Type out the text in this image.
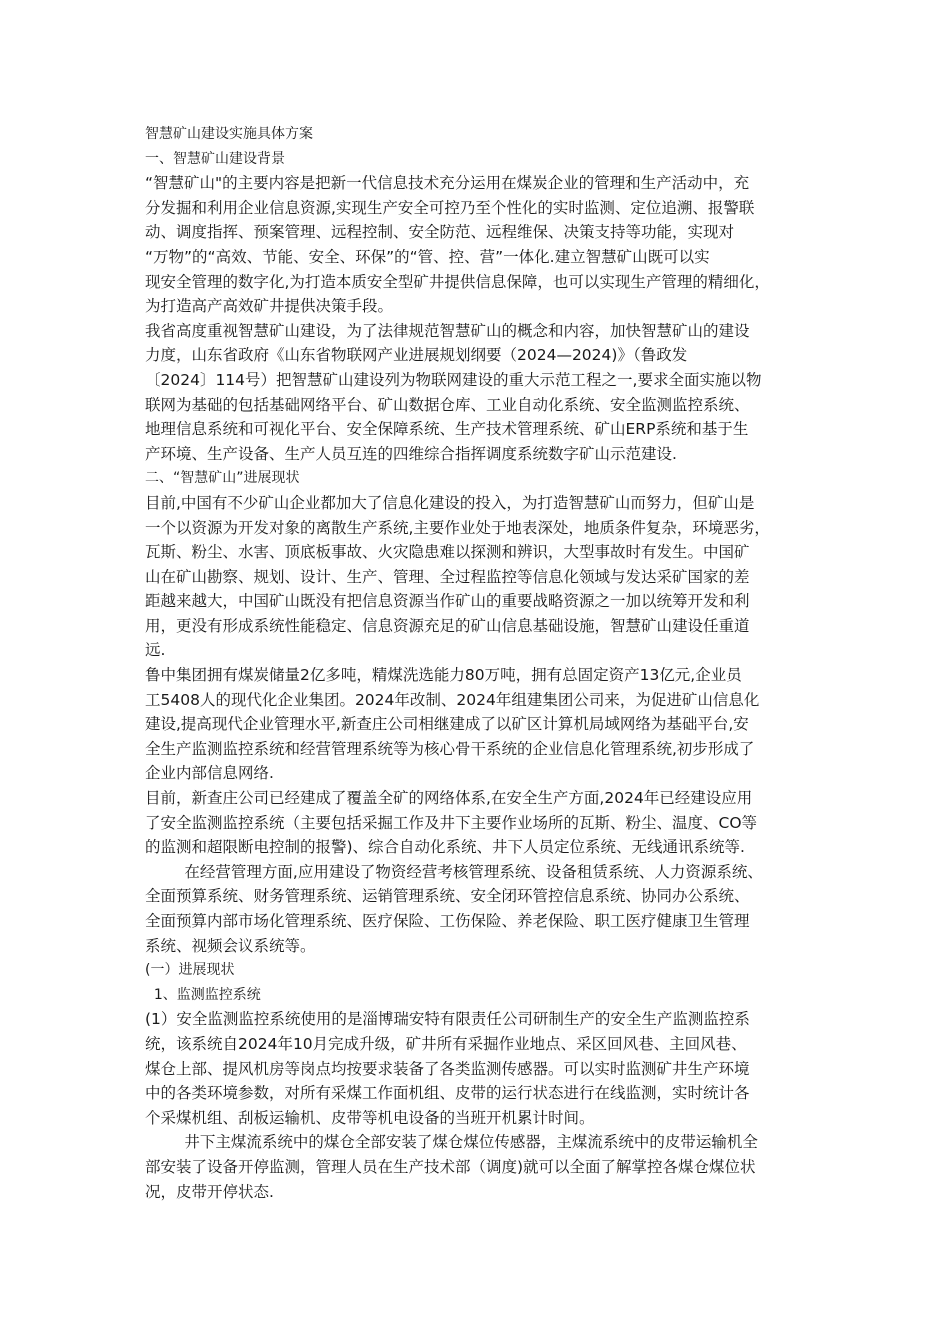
智慧矿山建设实施具体方案
一、智慧矿山建设背景
“智慧矿山"的主要内容是把新一代信息技术充分运用在煤炭企业的管理和生产活动中，充
分发掘和利用企业信息资源,实现生产安全可控乃至个性化的实时监测、定位追溯、报警联
动、调度指挥、预案管理、远程控制、安全防范、远程维保、决策支持等功能，实现对
“万物”的“高效、节能、安全、环保”的“管、控、营”一体化.建立智慧矿山既可以实
现安全管理的数字化,为打造本质安全型矿井提供信息保障，也可以实现生产管理的精细化，
为打造高产高效矿井提供决策手段。
我省高度重视智慧矿山建设，为了法律规范智慧矿山的概念和内容，加快智慧矿山的建设
力度，山东省政府《山东省物联网产业进展规划纲要（2024—2024)》（鲁政发
〔2024〕114号）把智慧矿山建设列为物联网建设的重大示范工程之一,要求全面实施以物
联网为基础的包括基础网络平台、矿山数据仓库、工业自动化系统、安全监测监控系统、
地理信息系统和可视化平台、安全保障系统、生产技术管理系统、矿山ERP系统和基于生
产环境、生产设备、生产人员互连的四维综合指挥调度系统数字矿山示范建设.
二、“智慧矿山”进展现状
目前,中国有不少矿山企业都加大了信息化建设的投入，为打造智慧矿山而努力，但矿山是
一个以资源为开发对象的离散生产系统,主要作业处于地表深处，地质条件复杂，环境恶劣，
瓦斯、粉尘、水害、顶底板事故、火灾隐患难以探测和辨识，大型事故时有发生。中国矿
山在矿山勘察、规划、设计、生产、管理、全过程监控等信息化领域与发达采矿国家的差
距越来越大，中国矿山既没有把信息资源当作矿山的重要战略资源之一加以统筹开发和利
用，更没有形成系统性能稳定、信息资源充足的矿山信息基础设施，智慧矿山建设任重道
远.
鲁中集团拥有煤炭储量2亿多吨，精煤洗选能力80万吨，拥有总固定资产13亿元,企业员
工5408人的现代化企业集团。2024年改制、2024年组建集团公司来，为促进矿山信息化
建设,提高现代企业管理水平,新查庄公司相继建成了以矿区计算机局域网络为基础平台,安
全生产监测监控系统和经营管理系统等为核心骨干系统的企业信息化管理系统,初步形成了
企业内部信息网络.
目前，新查庄公司已经建成了覆盖全矿的网络体系,在安全生产方面,2024年已经建设应用
了安全监测监控系统（主要包括采掘工作及井下主要作业场所的瓦斯、粉尘、温度、CO等
的监测和超限断电控制的报警)、综合自动化系统、井下人员定位系统、无线通讯系统等.
在经营管理方面,应用建设了物资经营考核管理系统、设备租赁系统、人力资源系统、
全面预算系统、财务管理系统、运销管理系统、安全闭环管控信息系统、协同办公系统、
全面预算内部市场化管理系统、医疗保险、工伤保险、养老保险、职工医疗健康卫生管理
系统、视频会议系统等。
(一）进展现状
1、监测监控系统
(1）安全监测监控系统使用的是淄博瑞安特有限责任公司研制生产的安全生产监测监控系
统，该系统自2024年10月完成升级，矿井所有采掘作业地点、采区回风巷、主回风巷、
煤仓上部、提风机房等岗点均按要求装备了各类监测传感器。可以实时监测矿井生产环境
中的各类环境参数，对所有采煤工作面机组、皮带的运行状态进行在线监测，实时统计各
个采煤机组、刮板运输机、皮带等机电设备的当班开机累计时间。
井下主煤流系统中的煤仓全部安装了煤仓煤位传感器，主煤流系统中的皮带运输机全
部安装了设备开停监测，管理人员在生产技术部（调度)就可以全面了解掌控各煤仓煤位状
况，皮带开停状态.
